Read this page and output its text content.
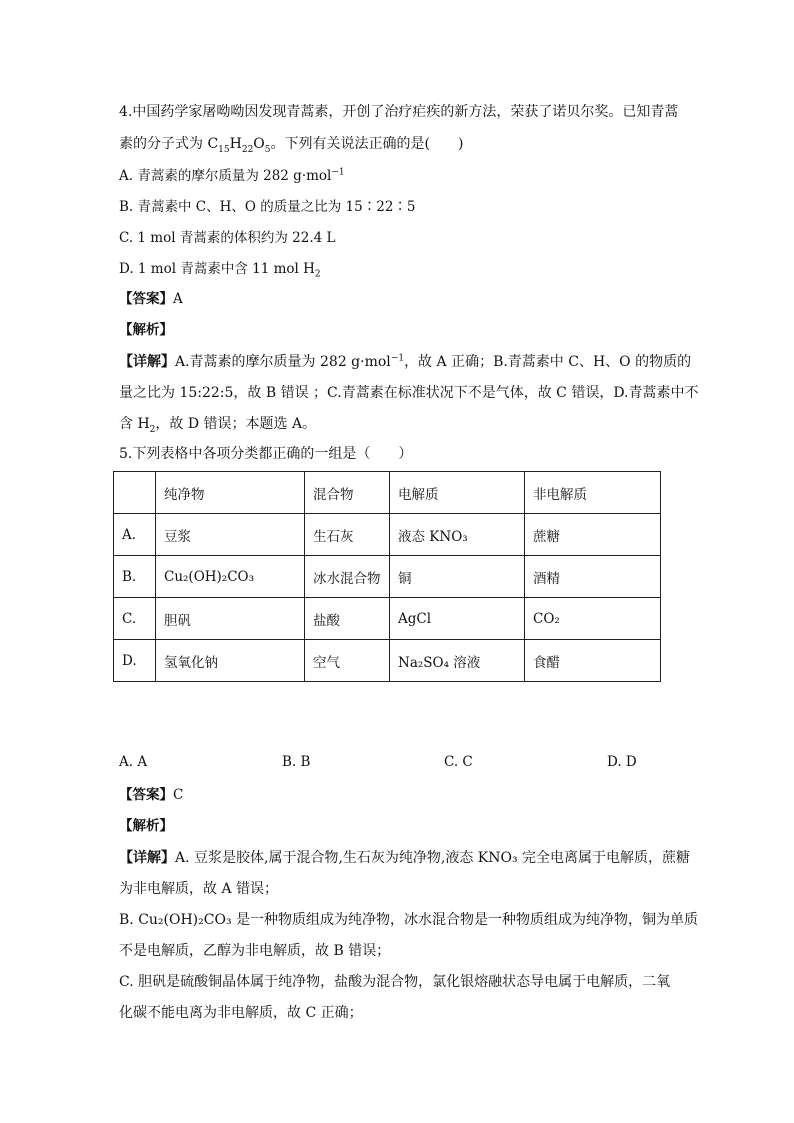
4.中国药学家屠呦呦因发现青蒿素，开创了治疗疟疾的新方法，荣获了诺贝尔奖。已知青蒿
素的分子式为 $C_{15}H_{22}O_5$。下列有关说法正确的是(　　)
A. 青蒿素的摩尔质量为 282 g·mol$^{-1}$
B. 青蒿素中 C、H、O 的质量之比为 15∶22∶5
C. 1 mol 青蒿素的体积约为 22.4 L
D. 1 mol 青蒿素中含 11 mol $H_2$
【答案】A
【解析】
【详解】A.青蒿素的摩尔质量为 282 g·mol$^{-1}$，故 A 正确；B.青蒿素中 C、H、O 的物质的
量之比为 15:22:5，故 B 错误 ；C.青蒿素在标准状况下不是气体，故 C 错误，D.青蒿素中不
含 $H_2$，故 D 错误；本题选 A。
5.下列表格中各项分类都正确的一组是（　　）
	纯净物	混合物	电解质	非电解质
A.	豆浆	生石灰	液态 KNO₃	蔗糖
B.	Cu₂(OH)₂CO₃	冰水混合物	铜	酒精
C.	胆矾	盐酸	AgCl	CO₂
D.	氢氧化钠	空气	Na₂SO₄ 溶液	食醋
A. A	B. B	C. C	D. D
【答案】C
【解析】
【详解】A. 豆浆是胶体,属于混合物,生石灰为纯净物,液态 KNO₃ 完全电离属于电解质，蔗糖
为非电解质，故 A 错误；
B. Cu₂(OH)₂CO₃ 是一种物质组成为纯净物，冰水混合物是一种物质组成为纯净物，铜为单质
不是电解质，乙醇为非电解质，故 B 错误；
C. 胆矾是硫酸铜晶体属于纯净物，盐酸为混合物，氯化银熔融状态导电属于电解质，二氧
化碳不能电离为非电解质，故 C 正确；
